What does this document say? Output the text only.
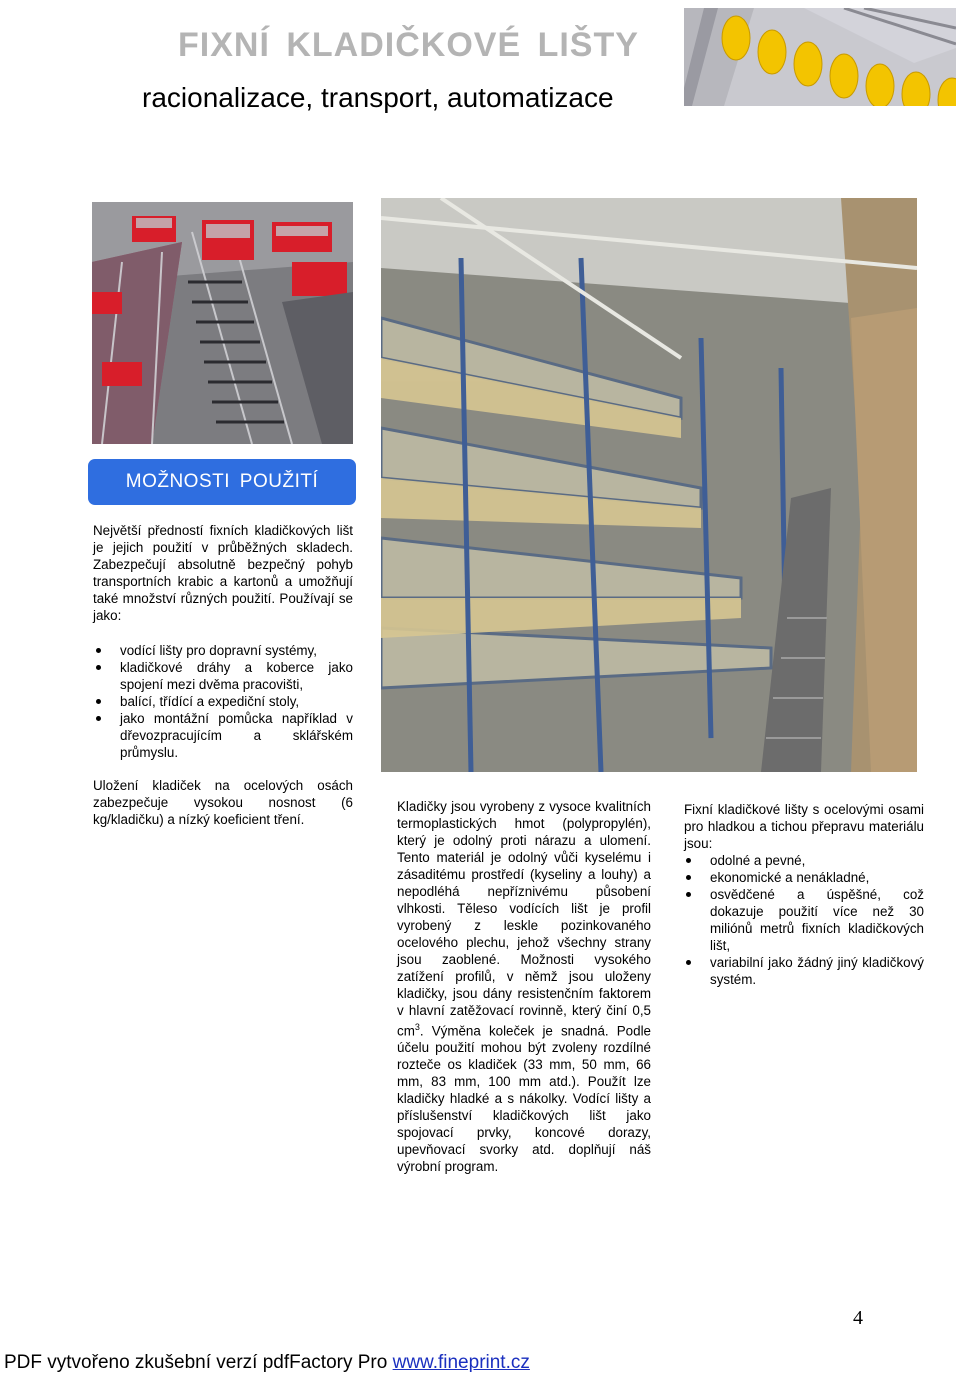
FIXNÍ KLADIČKOVÉ LIŠTY

racionalizace, transport, automatizace

MOŽNOSTI POUŽITÍ

Největší předností fixních kladičkových lišt je jejich použití v průběžných skladech. Zabezpečují absolutně bezpečný pohyb transportních krabic a kartonů a umožňují také množství různých použití. Používají se jako:

vodící lišty pro dopravní systémy,
kladičkové dráhy a koberce jako spojení mezi dvěma pracovišti,
balící, třídící a expediční stoly,
jako montážní pomůcka například v dřevozpracujícím a sklářském průmyslu.

Uložení kladiček na ocelových osách zabezpečuje vysokou nosnost (6 kg/kladičku) a nízký koeficient tření.

Kladičky jsou vyrobeny z vysoce kvalitních termoplastických hmot (polypropylén), který je odolný proti nárazu a ulomení. Tento materiál je odolný vůči kyselému i zásaditému prostředí (kyseliny a louhy) a nepodléhá nepříznivému působení vlhkosti. Těleso vodících lišt je profil vyrobený z leskle pozinkovaného ocelového plechu, jehož všechny strany jsou zaoblené. Možnosti vysokého zatížení profilů, v němž jsou uloženy kladičky, jsou dány resistenčním faktorem v hlavní zatěžovací rovinně, který činí 0,5 $cm^3$. Výměna koleček je snadná. Podle účelu použití mohou být zvoleny rozdílné rozteče os kladiček (33 mm, 50 mm, 66 mm, 83 mm, 100 mm atd.). Použít lze kladičky hladké a s nákolky. Vodící lišty a příslušenství kladičkových lišt jako spojovací prvky, koncové dorazy, upevňovací svorky atd. doplňují náš výrobní program.

Fixní kladičkové lišty s ocelovými osami pro hladkou a tichou přepravu materiálu jsou:

odolné a pevné,
ekonomické a nenákladné,
osvědčené a úspěšné, což dokazuje použití více než 30 miliónů metrů fixních kladičkových lišt,
variabilní jako žádný jiný kladičkový systém.
4
PDF vytvořeno zkušební verzí pdfFactory Pro www.fineprint.cz
